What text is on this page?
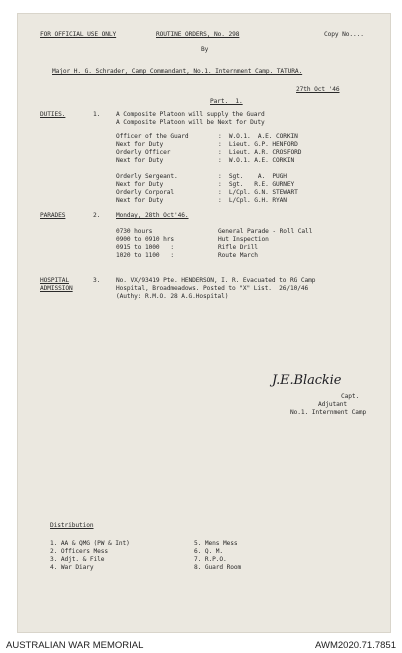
FOR OFFICIAL USE ONLY	ROUTINE ORDERS, No. 298	Copy No....
By
Major H. G. Schrader, Camp Commandant, No.1. Internment Camp. TATURA.
27th Oct '46
Part.  1.
DUTIES.	1.	A Composite Platoon will supply the Guard
A Composite Platoon will be Next for Duty
Officer of the Guard	:  W.O.1.  A.E. CORKIN
Next for Duty	:  Lieut. G.P. HENFORD
Orderly Officer	:  Lieut. A.R. CROSFORD
Next for Duty	:  W.O.1. A.E. CORKIN
Orderly Sergeant.	:  Sgt.    A.  PUGH
Next for Duty	:  Sgt.   R.E. GURNEY
Orderly Corporal	:  L/Cpl. G.N. STEWART
Next for Duty	:  L/Cpl. G.H. RYAN
PARADES	2.	Monday, 28th Oct'46.
0730 hours	General Parade - Roll Call
0900 to 0910 hrs	Hut Inspection
0915 to 1000   :	Rifle Drill
1020 to 1100   :	Route March
HOSPITAL
ADMISSION
3.	No. VX/93419 Pte. HENDERSON, I. R. Evacuated to RG Camp
Hospital, Broadmeadows. Posted to "X" List.  26/10/46
(Authy: R.M.O. 28 A.G.Hospital)
J.E.Blackie
Capt.
Adjutant
No.1. Internment Camp
Distribution
1. AA & QMG (PW & Int)
2. Officers Mess
3. Adjt. & File
4. War Diary
5. Mens Mess
6. Q. M.
7. R.P.O.
8. Guard Room
AUSTRALIAN WAR MEMORIAL	AWM2020.71.7851
